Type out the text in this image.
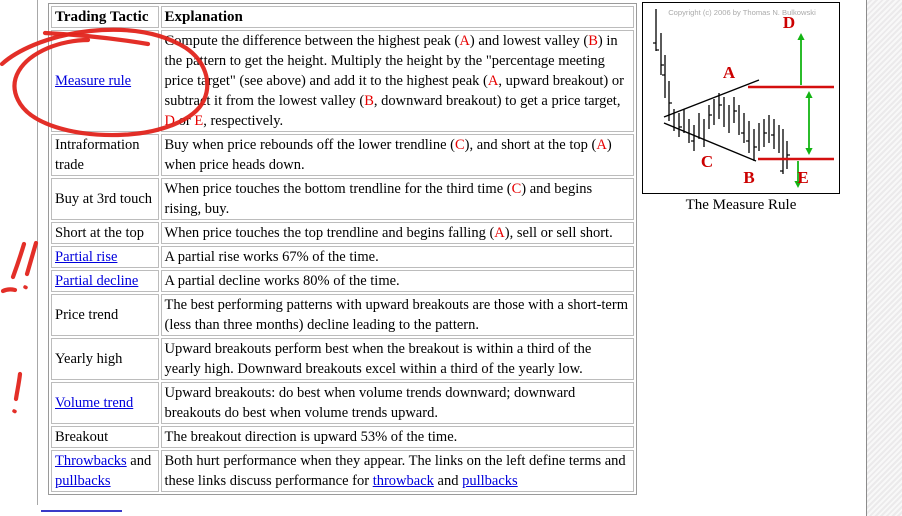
Trading Tactic	Explanation
Measure rule	Compute the difference between the highest peak (A) and lowest valley (B) in the pattern to get the height. Multiply the height by the "percentage meeting price target" (see above) and add it to the highest peak (A, upward breakout) or subtract it from the lowest valley (B, downward breakout) to get a price target, D or E, respectively.
Intraformation trade	Buy when price rebounds off the lower trendline (C), and short at the top (A) when price heads down.
Buy at 3rd touch	When price touches the bottom trendline for the third time (C) and begins rising, buy.
Short at the top	When price touches the top trendline and begins falling (A), sell or sell short.
Partial rise	A partial rise works 67% of the time.
Partial decline	A partial decline works 80% of the time.
Price trend	The best performing patterns with upward breakouts are those with a short-term (less than three months) decline leading to the pattern.
Yearly high	Upward breakouts perform best when the breakout is within a third of the yearly high. Downward breakouts excel within a third of the yearly low.
Volume trend	Upward breakouts: do best when volume trends downward; downward breakouts do best when volume trends upward.
Breakout	The breakout direction is upward 53% of the time.
Throwbacks and pullbacks	Both hurt performance when they appear. The links on the left define terms and these links discuss performance for throwback and pullbacks
Copyright (c) 2006 by Thomas N. Bulkowski
D
A
C
B	E
The Measure Rule
